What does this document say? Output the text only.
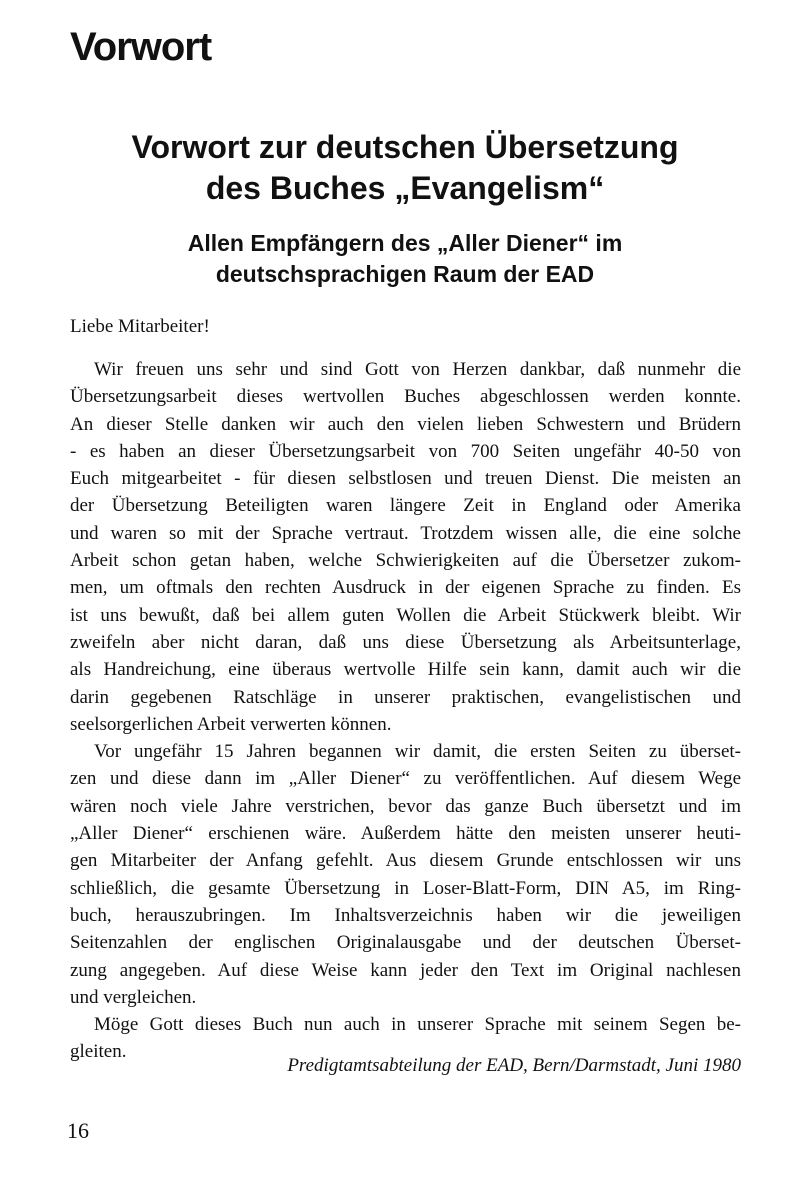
Vorwort
Vorwort zur deutschen Übersetzung
des Buches „Evangelism“
Allen Empfängern des „Aller Diener“ im
deutschsprachigen Raum der EAD
Liebe Mitarbeiter!
Wir freuen uns sehr und sind Gott von Herzen dankbar, daß nunmehr die
Übersetzungsarbeit dieses wertvollen Buches abgeschlossen werden konnte.
An dieser Stelle danken wir auch den vielen lieben Schwestern und Brüdern
- es haben an dieser Übersetzungsarbeit von 700 Seiten ungefähr 40-50 von
Euch mitgearbeitet - für diesen selbstlosen und treuen Dienst. Die meisten an
der Übersetzung Beteiligten waren längere Zeit in England oder Amerika
und waren so mit der Sprache vertraut. Trotzdem wissen alle, die eine solche
Arbeit schon getan haben, welche Schwierigkeiten auf die Übersetzer zukom-
men, um oftmals den rechten Ausdruck in der eigenen Sprache zu finden. Es
ist uns bewußt, daß bei allem guten Wollen die Arbeit Stückwerk bleibt. Wir
zweifeln aber nicht daran, daß uns diese Übersetzung als Arbeitsunterlage,
als Handreichung, eine überaus wertvolle Hilfe sein kann, damit auch wir die
darin gegebenen Ratschläge in unserer praktischen, evangelistischen und
seelsorgerlichen Arbeit verwerten können.
Vor ungefähr 15 Jahren begannen wir damit, die ersten Seiten zu überset-
zen und diese dann im „Aller Diener“ zu veröffentlichen. Auf diesem Wege
wären noch viele Jahre verstrichen, bevor das ganze Buch übersetzt und im
„Aller Diener“ erschienen wäre. Außerdem hätte den meisten unserer heuti-
gen Mitarbeiter der Anfang gefehlt. Aus diesem Grunde entschlossen wir uns
schließlich, die gesamte Übersetzung in Loser-Blatt-Form, DIN A5, im Ring-
buch, herauszubringen. Im Inhaltsverzeichnis haben wir die jeweiligen
Seitenzahlen der englischen Originalausgabe und der deutschen Überset-
zung angegeben. Auf diese Weise kann jeder den Text im Original nachlesen
und vergleichen.
Möge Gott dieses Buch nun auch in unserer Sprache mit seinem Segen be-
gleiten.
Predigtamtsabteilung der EAD, Bern/Darmstadt, Juni 1980
16
